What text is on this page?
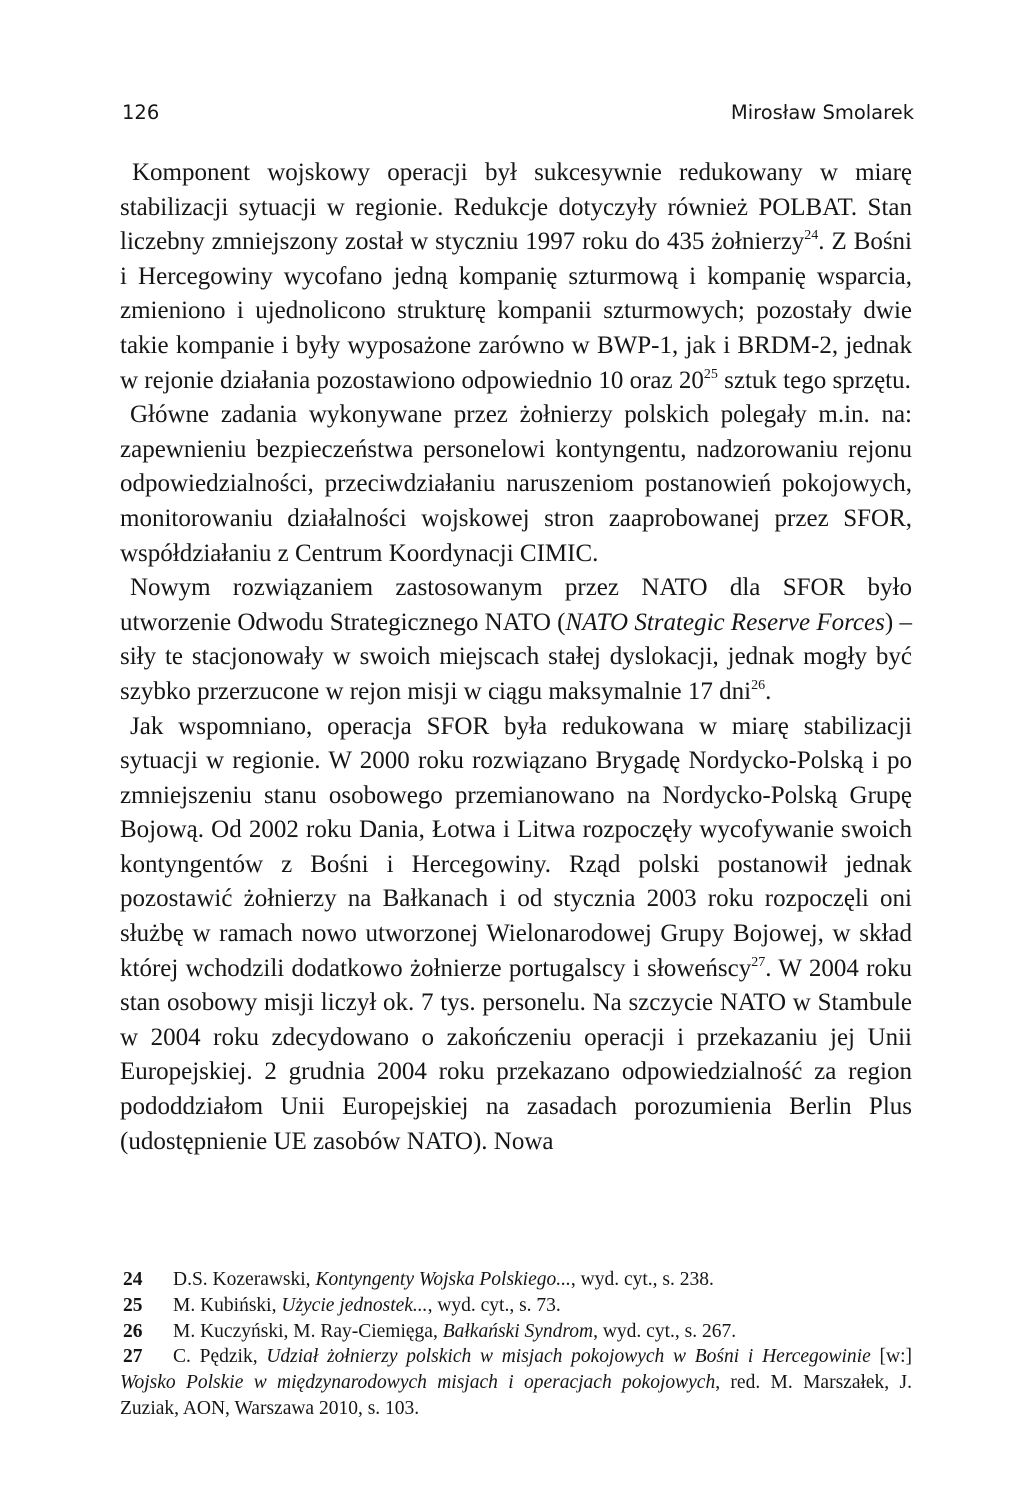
126	Mirosław Smolarek

Komponent wojskowy operacji był sukcesywnie redukowany w miarę stabilizacji sytuacji w regionie. Redukcje dotyczyły również POLBAT. Stan liczebny zmniejszony został w styczniu 1997 roku do 435 żołnierzy$^{24}$. Z Bośni i Hercegowiny wycofano jedną kompanię szturmową i kompanię wsparcia, zmieniono i ujednolicono strukturę kompanii szturmowych; pozostały dwie takie kompanie i były wyposażone zarówno w BWP-1, jak i BRDM-2, jednak w rejonie działania pozostawiono odpowiednio 10 oraz $20^{25}$ sztuk tego sprzętu.

Główne zadania wykonywane przez żołnierzy polskich polegały m.in. na: zapewnieniu bezpieczeństwa personelowi kontyngentu, nadzorowaniu rejonu odpowiedzialności, przeciwdziałaniu naruszeniom postanowień pokojowych, monitorowaniu działalności wojskowej stron zaaprobowanej przez SFOR, współdziałaniu z Centrum Koordynacji CIMIC.

Nowym rozwiązaniem zastosowanym przez NATO dla SFOR było utworzenie Odwodu Strategicznego NATO (NATO Strategic Reserve Forces) – siły te stacjonowały w swoich miejscach stałej dyslokacji, jednak mogły być szybko przerzucone w rejon misji w ciągu maksymalnie 17 dni$^{26}$.

Jak wspomniano, operacja SFOR była redukowana w miarę stabilizacji sytuacji w regionie. W 2000 roku rozwiązano Brygadę Nordycko-Polską i po zmniejszeniu stanu osobowego przemianowano na Nordycko-Polską Grupę Bojową. Od 2002 roku Dania, Łotwa i Litwa rozpoczęły wycofywanie swoich kontyngentów z Bośni i Hercegowiny. Rząd polski postanowił jednak pozostawić żołnierzy na Bałkanach i od stycznia 2003 roku rozpoczęli oni służbę w ramach nowo utworzonej Wielonarodowej Grupy Bojowej, w skład której wchodzili dodatkowo żołnierze portugalscy i słoweńscy$^{27}$. W 2004 roku stan osobowy misji liczył ok. 7 tys. personelu. Na szczycie NATO w Stambule w 2004 roku zdecydowano o zakończeniu operacji i przekazaniu jej Unii Europejskiej. 2 grudnia 2004 roku przekazano odpowiedzialność za region pododdziałom Unii Europejskiej na zasadach porozumienia Berlin Plus (udostępnienie UE zasobów NATO). Nowa

24 D.S. Kozerawski, Kontyngenty Wojska Polskiego..., wyd. cyt., s. 238.

25 M. Kubiński, Użycie jednostek..., wyd. cyt., s. 73.

26 M. Kuczyński, M. Ray-Ciemięga, Bałkański Syndrom, wyd. cyt., s. 267.

27 C. Pędzik, Udział żołnierzy polskich w misjach pokojowych w Bośni i Hercegowinie [w:] Wojsko Polskie w międzynarodowych misjach i operacjach pokojowych, red. M. Marszałek, J. Zuziak, AON, Warszawa 2010, s. 103.
